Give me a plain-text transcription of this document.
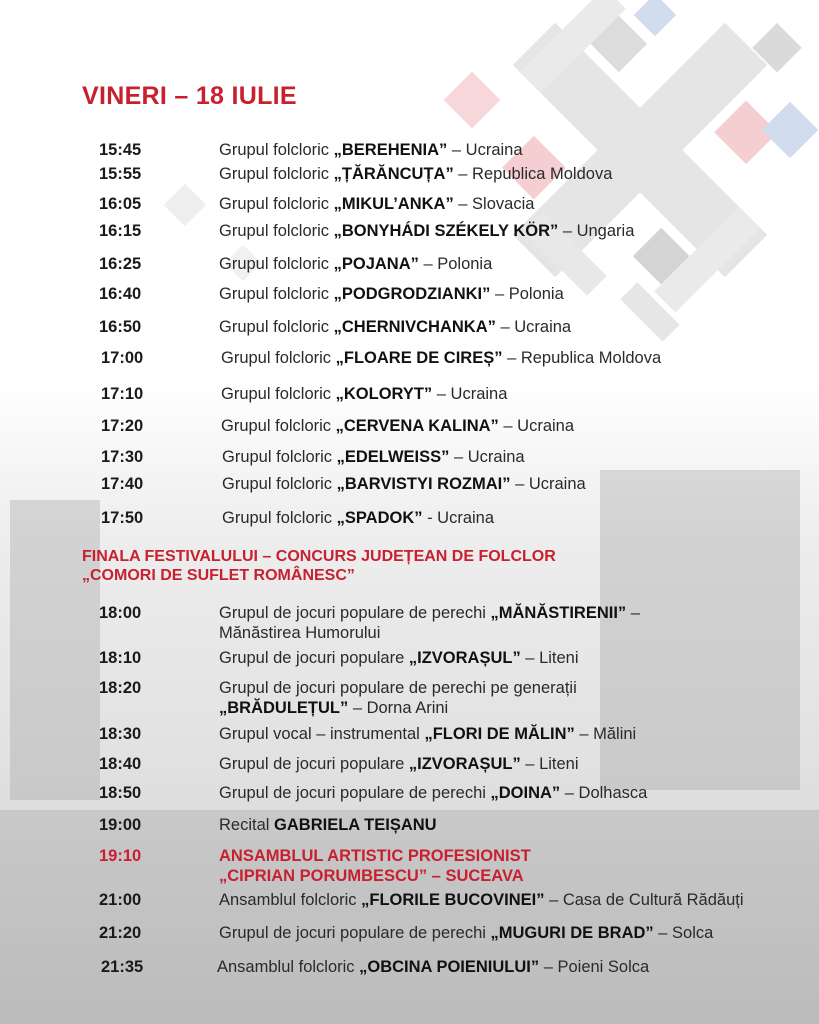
VINERI – 18 IULIE
15:45	Grupul folcloric „BEREHENIA” – Ucraina
15:55	Grupul folcloric „ȚĂRĂNCUȚA” – Republica Moldova
16:05	Grupul folcloric „MIKUL’ANKA” – Slovacia
16:15	Grupul folcloric „BONYHÁDI SZÉKELY KÖR” – Ungaria
16:25	Grupul folcloric „POJANA” – Polonia
16:40	Grupul folcloric „PODGRODZIANKI” – Polonia
16:50	Grupul folcloric „CHERNIVCHANKA” – Ucraina
17:00	Grupul folcloric „FLOARE DE CIREȘ” – Republica Moldova
17:10	Grupul folcloric „KOLORYT” – Ucraina
17:20	Grupul folcloric „CERVENA KALINA” – Ucraina
17:30	Grupul folcloric „EDELWEISS” – Ucraina
17:40	Grupul folcloric „BARVISTYI ROZMAI” – Ucraina
17:50	Grupul folcloric „SPADOK” - Ucraina
FINALA FESTIVALULUI – CONCURS JUDEȚEAN DE FOLCLOR „COMORI DE SUFLET ROMÂNESC”
18:00	Grupul de jocuri populare de perechi „MĂNĂSTIRENII” –
Mănăstirea Humorului
18:10	Grupul de jocuri populare „IZVORAȘUL” – Liteni
18:20	Grupul de jocuri populare de perechi pe generații
„BRĂDULEȚUL” – Dorna Arini
18:30	Grupul vocal – instrumental „FLORI DE MĂLIN” – Mălini
18:40	Grupul de jocuri populare „IZVORAȘUL” – Liteni
18:50	Grupul de jocuri populare de perechi „DOINA” – Dolhasca
19:00	Recital GABRIELA TEIȘANU
19:10	ANSAMBLUL ARTISTIC PROFESIONIST
„CIPRIAN PORUMBESCU” – SUCEAVA
21:00	Ansamblul folcloric „FLORILE BUCOVINEI” – Casa de Cultură Rădăuți
21:20	Grupul de jocuri populare de perechi „MUGURI DE BRAD” – Solca
21:35	Ansamblul folcloric „OBCINA POIENIULUI” – Poieni Solca
